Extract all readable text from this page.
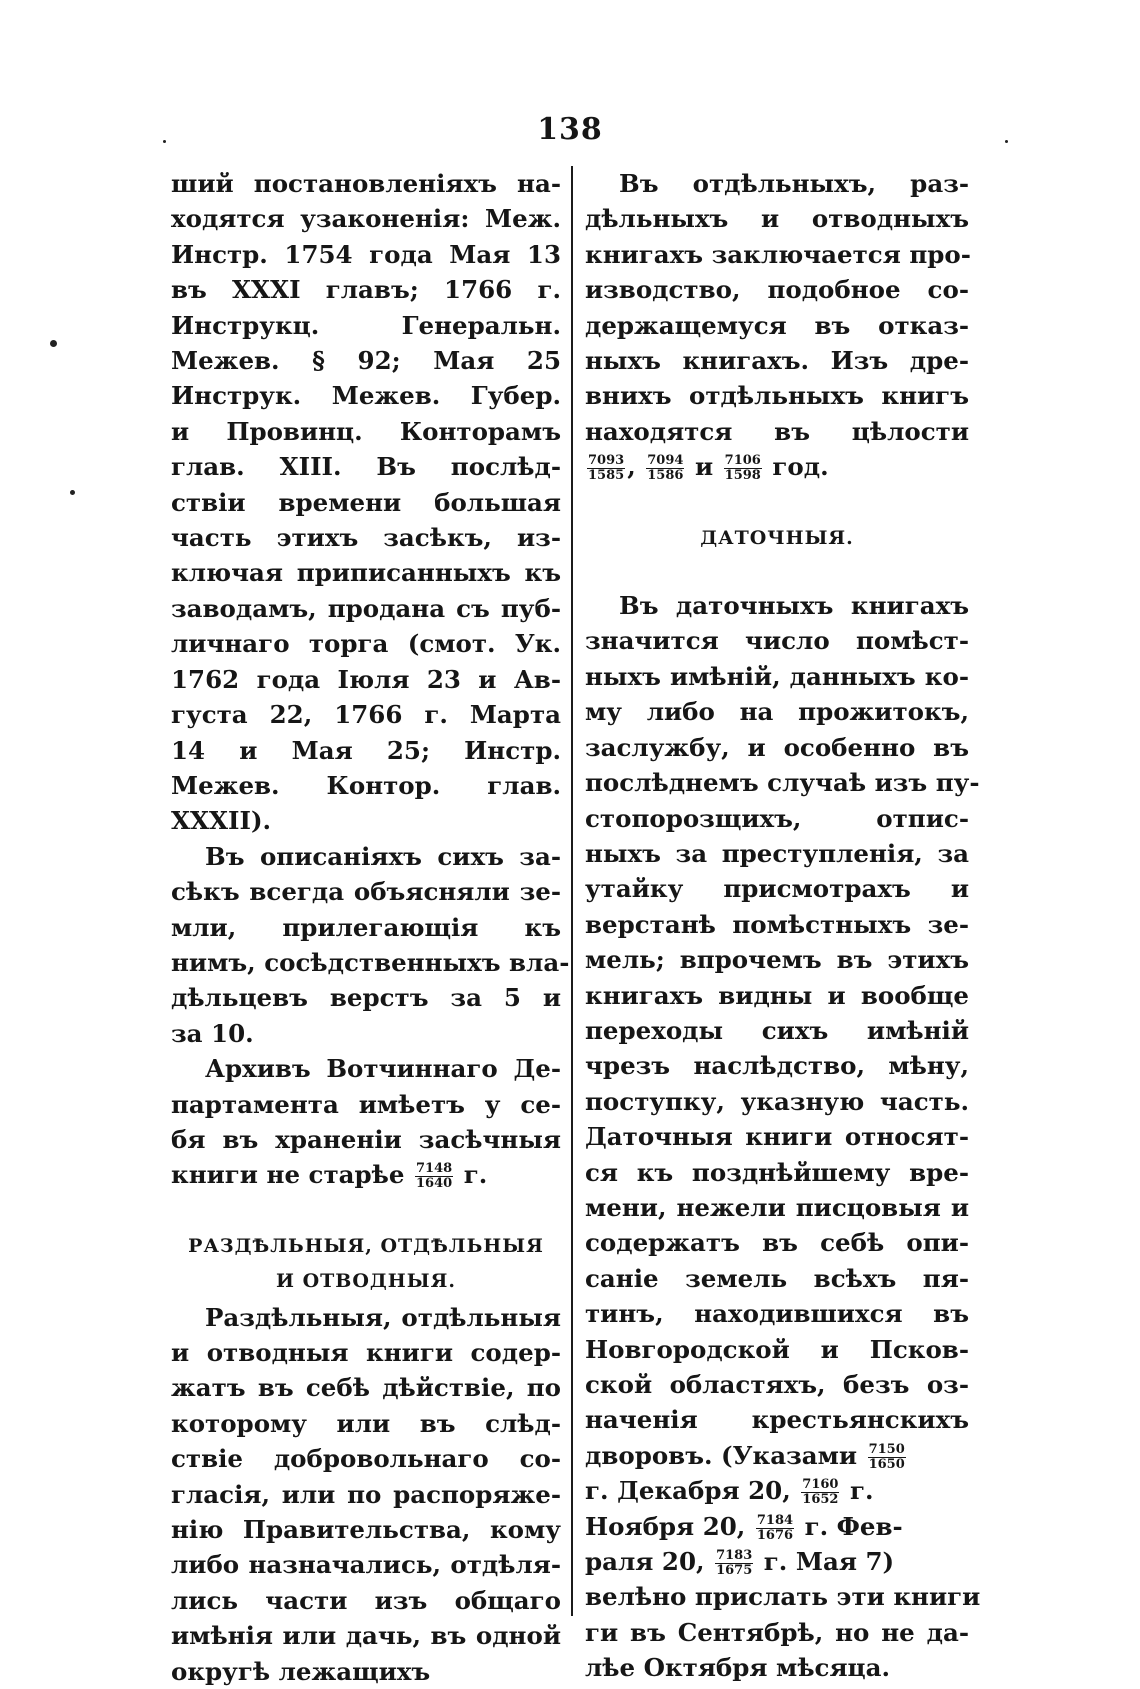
138
ший постановленіяхъ на-
ходятся узаконенія: Меж.
Инстр. 1754 года Мая 13
въ XXXI главъ; 1766 г.
Инструкц. Генеральн.
Межев. § 92; Мая 25
Инструк. Межев. Губер.
и Провинц. Конторамъ
глав. XIII. Въ послѣд-
ствіи времени большая
часть этихъ засѣкъ, из-
ключая приписанныхъ къ
заводамъ, продана съ пуб-
личнаго торга (смот. Ук.
1762 года Іюля 23 и Ав-
густа 22, 1766 г. Марта
14 и Мая 25; Инстр.
Межев. Контор. глав.
XXXII).
Въ описаніяхъ сихъ за-
сѣкъ всегда объясняли зе-
мли, прилегающія къ
нимъ, сосѣдственныхъ вла-
дѣльцевъ верстъ за 5 и
за 10.
Архивъ Вотчиннаго Де-
партамента имѣетъ у се-
бя въ храненіи засѣчныя
книги не старѣе $\frac{7148}{1640} г$.
РАЗДѢЛЬНЫЯ, ОТДѢЛЬНЫЯ
И ОТВОДНЫЯ.
Раздѣльныя, отдѣльныя
и отводныя книги содер-
жатъ въ себѣ дѣйствіе, по
которому или въ слѣд-
ствіе добровольнаго со-
гласія, или по распоряже-
нію Правительства, кому
либо назначались, отдѣля-
лись части изъ общаго
имѣнія или дачь, въ одной
округѣ лежащихъ
Въ отдѣльныхъ, раз-
дѣльныхъ и отводныхъ
книгахъ заключается про-
изводство, подобное со-
держащемуся въ отказ-
ныхъ книгахъ. Изъ дре-
внихъ отдѣльныхъ книгъ
находятся въ цѣлости
$\frac{7093}{1585}$ , $\frac{7094}{1586}$ и $\frac{7106}{1598}$ год.
ДАТОЧНЫЯ.
Въ даточныхъ книгахъ
значится число помѣст-
ныхъ имѣній, данныхъ ко-
му либо на прожитокъ,
заслужбу, и особенно въ
послѣднемъ случаѣ изъ пу-
стопорозщихъ, отпис-
ныхъ за преступленія, за
утайку присмотрахъ и
верстанѣ помѣстныхъ зе-
мель; впрочемъ въ этихъ
книгахъ видны и вообще
переходы сихъ имѣній
чрезъ наслѣдство, мѣну,
поступку, указную часть.
Даточныя книги относят-
ся къ позднѣйшему вре-
мени, нежели писцовыя и
содержатъ въ себѣ опи-
саніе земель всѣхъ пя-
тинъ, находившихся въ
Новгородской и Псков-
ской областяхъ, безъ оз-
наченія крестьянскихъ
дворовъ. (Указами $\frac{7150}{1650}$
г. Декабря 20, $\frac{7160}{1652} г$.
Ноября 20, $\frac{7184}{1676} г$. Фев-
раля 20, $\frac{7183}{1675} г$. Мая 7)
велѣно прислать эти книги
ги въ Сентябрѣ, но не да-
лѣе Октября мѣсяца.
